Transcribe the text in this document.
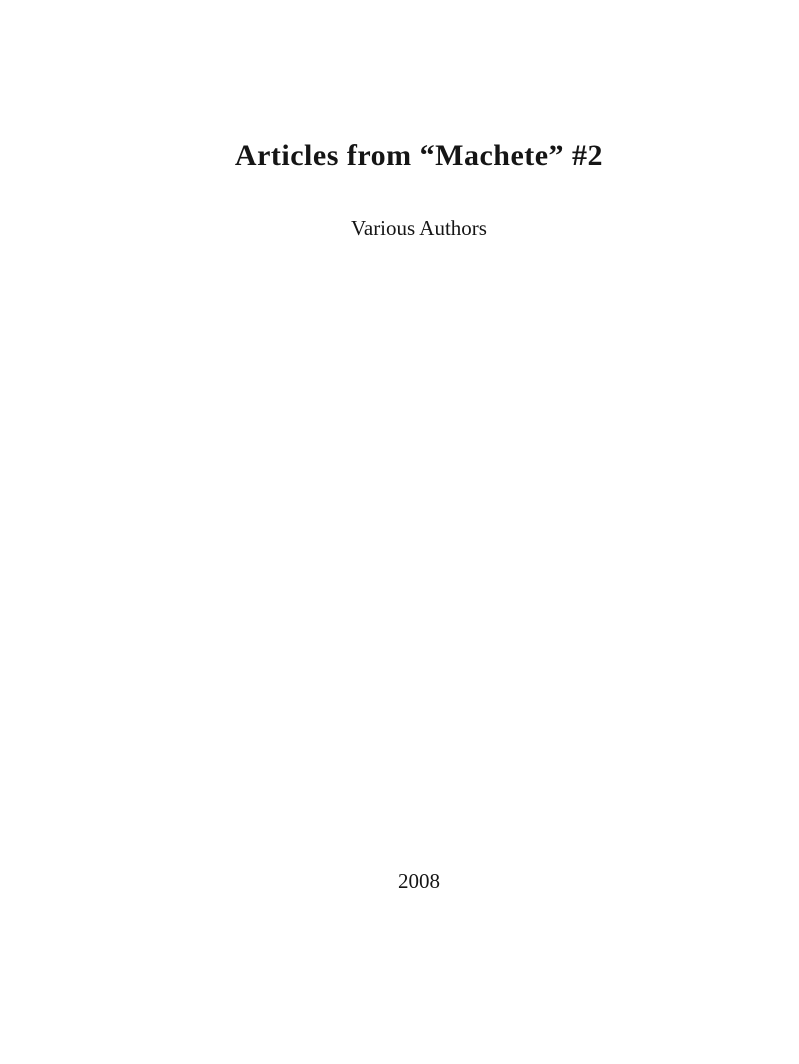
Articles from “Machete” #2
Various Authors
2008
